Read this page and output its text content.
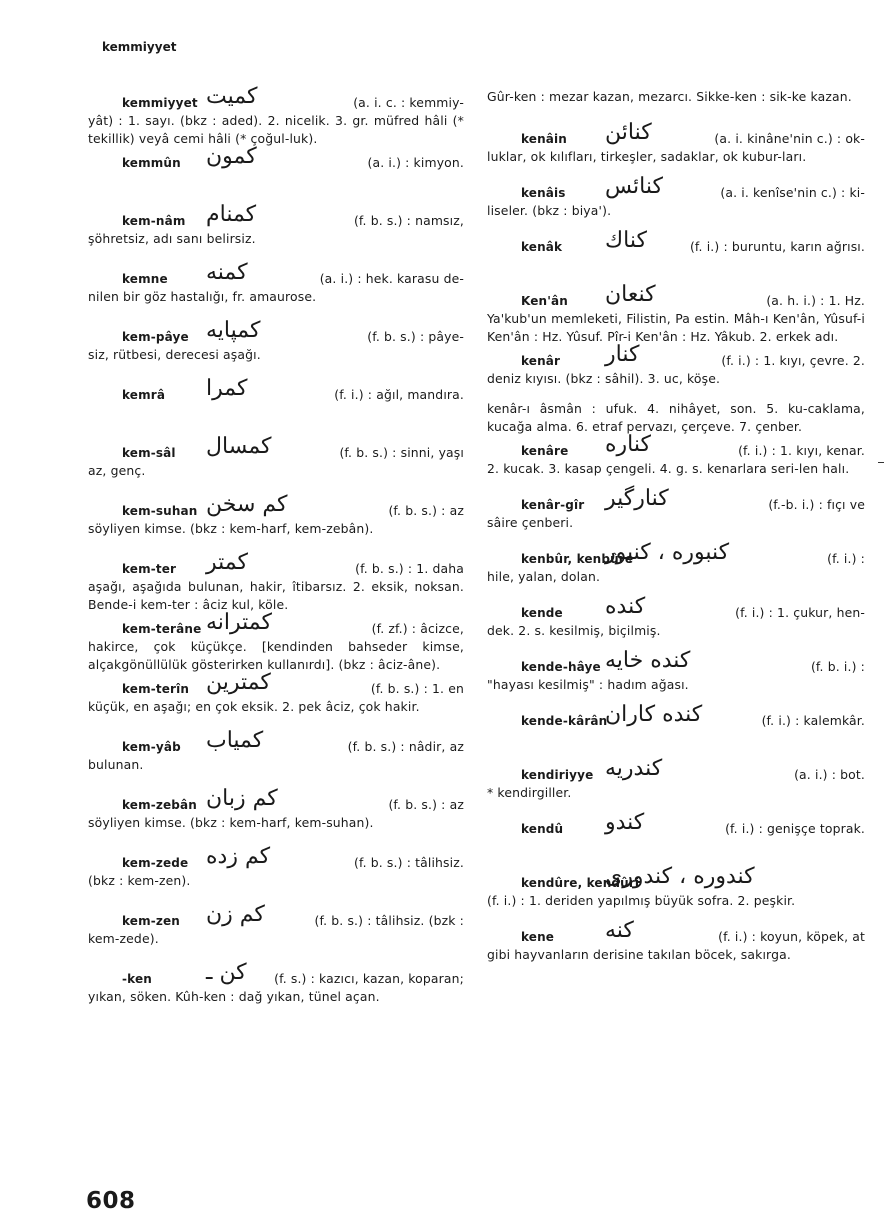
kemmiyyet
kemmiyyet کمیت	(a. i. c. : kemmiy-
yât) : 1. sayı. (bkz : aded). 2. nicelik. 3. gr. müfred hâli (* tekillik) veyâ cemi hâli (* çoğul-luk).
kemmûn کمون	(a. i.) : kimyon.
kem-nâm کمنام	(f. b. s.) : namsız,
şöhretsiz, adı sanı belirsiz.
kemne کمنه	(a. i.) : hek. karasu de-
nilen bir göz hastalığı, fr. amaurose.
kem-pâye کمپایه	(f. b. s.) : pâye-
siz, rütbesi, derecesi aşağı.
kemrâ کمرا	(f. i.) : ağıl, mandıra.
kem-sâl کمسال	(f. b. s.) : sinni, yaşı
az, genç.
kem-suhan کم سخن	(f. b. s.) : az
söyliyen kimse. (bkz : kem-harf, kem-zebân).
kem-ter کمتر	(f. b. s.) : 1. daha
aşağı, aşağıda bulunan, hakir, îtibarsız. 2. eksik, noksan. Bende-i kem-ter : âciz kul, köle.
kem-terâne کمترانه	(f. zf.) : âcizce,
hakirce, çok küçükçe. [kendinden bahseder kimse, alçakgönüllülük gösterirken kullanırdı]. (bkz : âciz-âne).
kem-terîn کمترین	(f. b. s.) : 1. en
küçük, en aşağı; en çok eksik. 2. pek âciz, çok hakir.
kem-yâb کمیاب	(f. b. s.) : nâdir, az
bulunan.
kem-zebân کم زبان	(f. b. s.) : az
söyliyen kimse. (bkz : kem-harf, kem-suhan).
kem-zede کم زده	(f. b. s.) : tâlihsiz.
(bkz : kem-zen).
kem-zen کم زن	(f. b. s.) : tâlihsiz. (bzk :
kem-zede).
-ken کن ـ (f. s.) : kazıcı, kazan, koparan;
yıkan, söken. Kûh-ken : dağ yıkan, tünel açan.
Gûr-ken : mezar kazan, mezarcı. Sikke-ken : sik-ke kazan.
kenâin کنائن	(a. i. kinâne'nin c.) : ok-
luklar, ok kılıfları, tirkeşler, sadaklar, ok kubur-ları.
kenâis کنائس	(a. i. kenîse'nin c.) : ki-
liseler. (bkz : biya').
kenâk کناك	(f. i.) : buruntu, karın ağrısı.
Ken'ân کنعان	(a. h. i.) : 1. Hz.
Ya'kub'un memleketi, Filistin, Pa estin. Mâh-ı Ken'ân, Yûsuf-i Ken'ân : Hz. Yûsuf. Pîr-i Ken'ân : Hz. Yâkub. 2. erkek adı.
kenâr کنار	(f. i.) : 1. kıyı, çevre. 2.
deniz kıyısı. (bkz : sâhil). 3. uc, köşe.
kenâr-ı âsmân : ufuk. 4. nihâyet, son. 5. ku-caklama, kucağa alma. 6. etraf pervazı, çerçeve. 7. çenber.
kenâre کناره	(f. i.) : 1. kıyı, kenar.
2. kucak. 3. kasap çengeli. 4. g. s. kenarlara seri-len halı.
kenâr-gîr کنارگیر	(f.-b. i.) : fıçı ve
sâire çenberi.
kenbûr, kenbûre
کنبوره ، کنبور	(f. i.) :
hile, yalan, dolan.
kende کنده	(f. i.) : 1. çukur, hen-
dek. 2. s. kesilmiş, biçilmiş.
kende-hâye کنده خایه	(f. b. i.) :
"hayası kesilmiş" : hadım ağası.
kende-kârân
کنده کاران	(f. i.) : kalemkâr.
kendiriyye کندریه	(a. i.) : bot.
* kendirgiller.
kendû کندو	(f. i.) : genişçe toprak.
kendûre, kendûri
کندوره ، کندوری
(f. i.) : 1. deriden yapılmış büyük sofra. 2. peşkir.
kene کنه	(f. i.) : koyun, köpek, at
gibi hayvanların derisine takılan böcek, sakırga.
608
